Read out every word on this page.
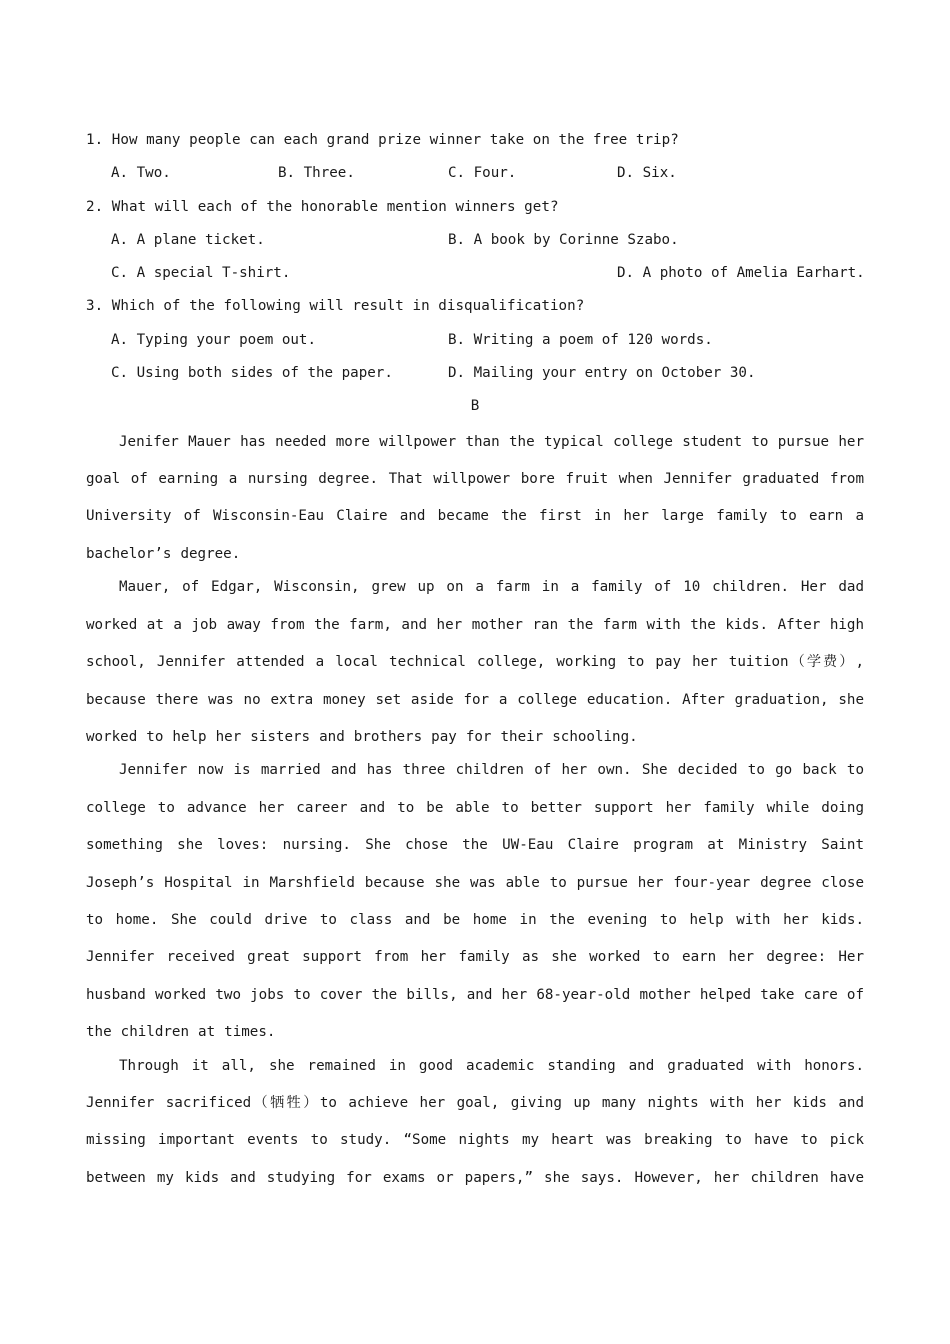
1. How many people can each grand prize winner take on the free trip?
A. Two.	B. Three.	C. Four.	D. Six.
2. What will each of the honorable mention winners get?
A. A plane ticket.	B. A book by Corinne Szabo.
C. A special T-shirt.	D. A photo of Amelia Earhart.
3. Which of the following will result in disqualification?
A. Typing your poem out.	B. Writing a poem of 120 words.
C. Using both sides of the paper.	D. Mailing your entry on October 30.
B

Jenifer Mauer has needed more willpower than the typical college student to pursue her goal of earning a nursing degree. That willpower bore fruit when Jennifer graduated from University of Wisconsin-Eau Claire and became the first in her large family to earn a bachelor’s degree.

Mauer, of Edgar, Wisconsin, grew up on a farm in a family of 10 children. Her dad worked at a job away from the farm, and her mother ran the farm with the kids. After high school, Jennifer attended a local technical college, working to pay her tuition（学费）, because there was no extra money set aside for a college education. After graduation, she worked to help her sisters and brothers pay for their schooling.

Jennifer now is married and has three children of her own. She decided to go back to college to advance her career and to be able to better support her family while doing something she loves: nursing. She chose the UW-Eau Claire program at Ministry Saint Joseph’s Hospital in Marshfield because she was able to pursue her four-year degree close to home. She could drive to class and be home in the evening to help with her kids. Jennifer received great support from her family as she worked to earn her degree: Her husband worked two jobs to cover the bills, and her 68-year-old mother helped take care of the children at times.

Through it all, she remained in good academic standing and graduated with honors. Jennifer sacrificed（牺牲）to achieve her goal, giving up many nights with her kids and missing important events to study. “Some nights my heart was breaking to have to pick between my kids and studying for exams or papers,” she says. However, her children have
